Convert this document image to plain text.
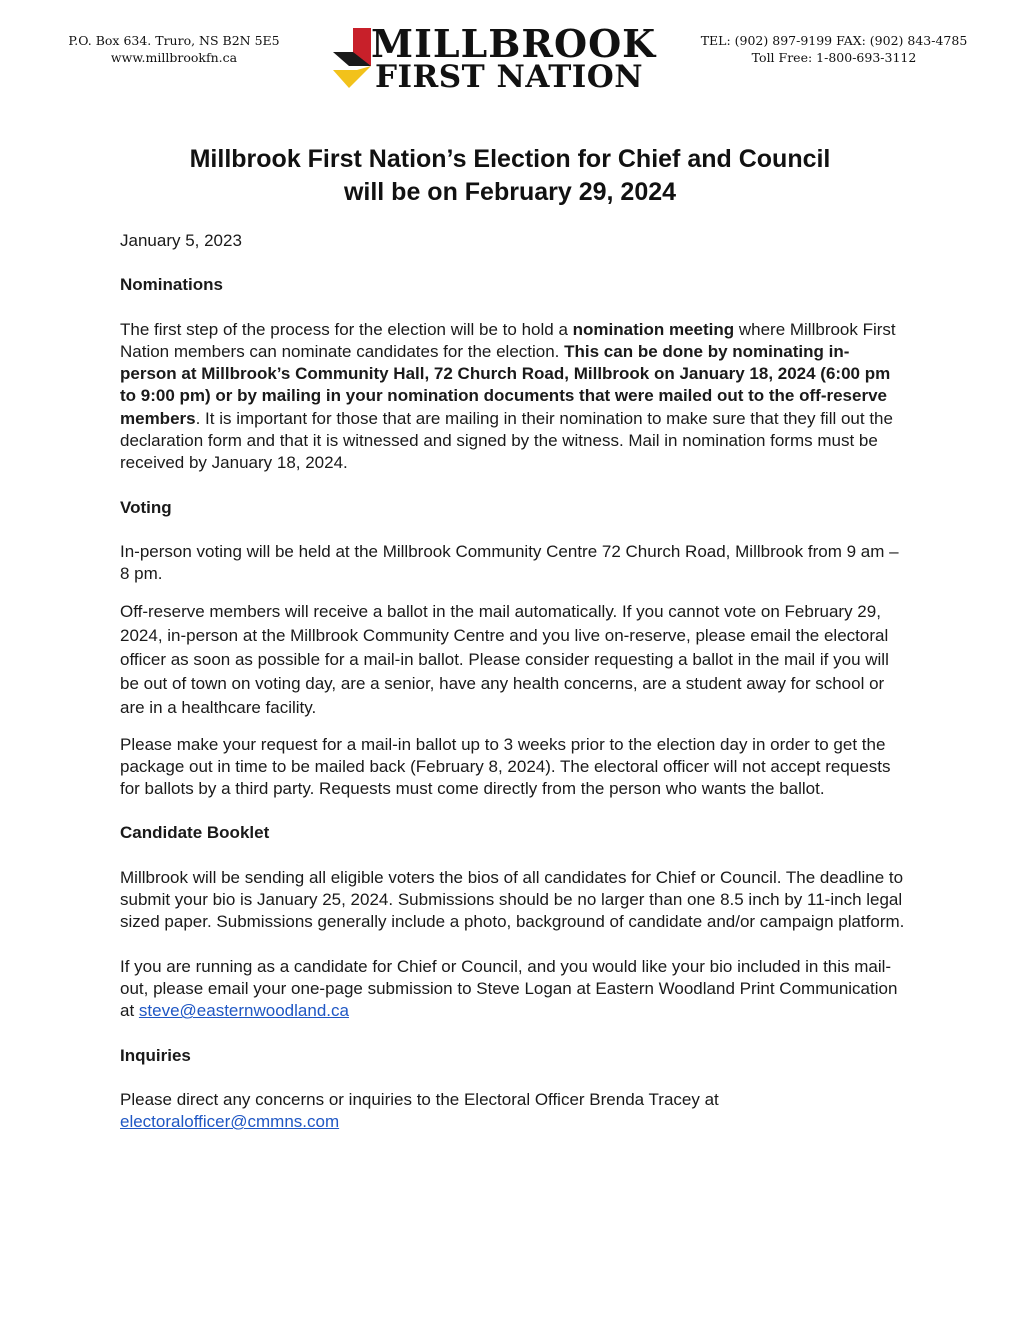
P.O. Box 634. Truro, NS B2N 5E5
www.millbrookfn.ca	MILLBROOK
FIRST NATION
TEL: (902) 897-9199 FAX: (902) 843-4785
Toll Free: 1-800-693-3112
Millbrook First Nation’s Election for Chief and Council
will be on February 29, 2024

January 5, 2023

Nominations

The first step of the process for the election will be to hold a nomination meeting where Millbrook First Nation members can nominate candidates for the election. This can be done by nominating in-person at Millbrook’s Community Hall, 72 Church Road, Millbrook on January 18, 2024 (6:00 pm to 9:00 pm) or by mailing in your nomination documents that were mailed out to the off-reserve members. It is important for those that are mailing in their nomination to make sure that they fill out the declaration form and that it is witnessed and signed by the witness. Mail in nomination forms must be received by January 18, 2024.

Voting

In-person voting will be held at the Millbrook Community Centre 72 Church Road, Millbrook from 9 am – 8 pm.

Off-reserve members will receive a ballot in the mail automatically. If you cannot vote on February 29, 2024, in-person at the Millbrook Community Centre and you live on-reserve, please email the electoral officer as soon as possible for a mail-in ballot. Please consider requesting a ballot in the mail if you will be out of town on voting day, are a senior, have any health concerns, are a student away for school or are in a healthcare facility.

Please make your request for a mail-in ballot up to 3 weeks prior to the election day in order to get the package out in time to be mailed back (February 8, 2024). The electoral officer will not accept requests for ballots by a third party. Requests must come directly from the person who wants the ballot.

Candidate Booklet

Millbrook will be sending all eligible voters the bios of all candidates for Chief or Council. The deadline to submit your bio is January 25, 2024. Submissions should be no larger than one 8.5 inch by 11-inch legal sized paper. Submissions generally include a photo, background of candidate and/or campaign platform.

If you are running as a candidate for Chief or Council, and you would like your bio included in this mail-out, please email your one-page submission to Steve Logan at Eastern Woodland Print Communication at steve@easternwoodland.ca

Inquiries

Please direct any concerns or inquiries to the Electoral Officer Brenda Tracey at electoralofficer@cmmns.com
